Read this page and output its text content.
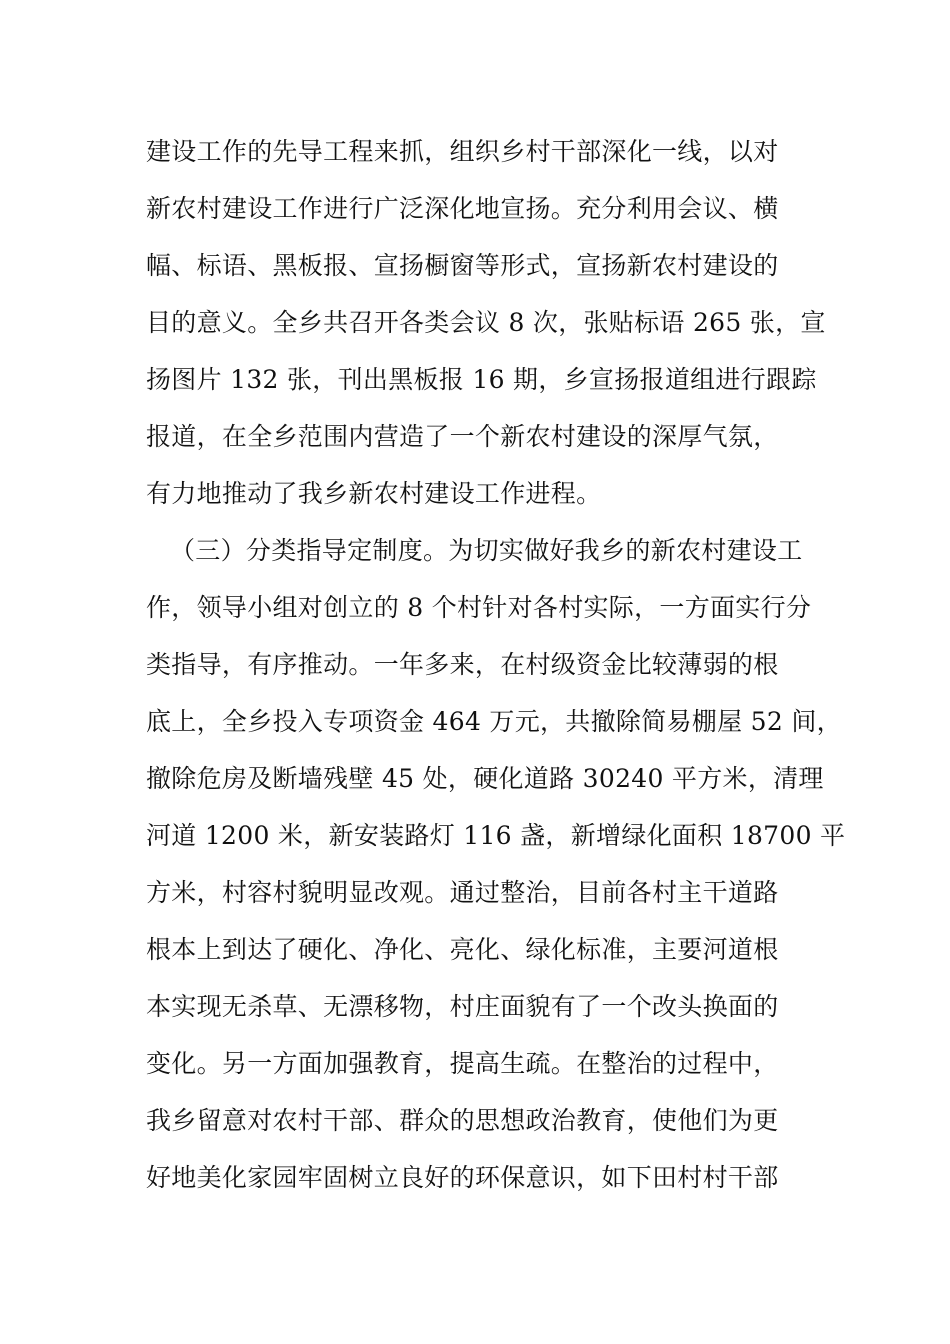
建设工作的先导工程来抓，组织乡村干部深化一线，以对
新农村建设工作进行广泛深化地宣扬。充分利用会议、横
幅、标语、黑板报、宣扬橱窗等形式，宣扬新农村建设的
目的意义。全乡共召开各类会议 8 次，张贴标语 265 张，宣
扬图片 132 张，刊出黑板报 16 期，乡宣扬报道组进行跟踪
报道，在全乡范围内营造了一个新农村建设的深厚气氛，
有力地推动了我乡新农村建设工作进程。
（三）分类指导定制度。为切实做好我乡的新农村建设工
作，领导小组对创立的 8 个村针对各村实际，一方面实行分
类指导，有序推动。一年多来，在村级资金比较薄弱的根
底上，全乡投入专项资金 464 万元，共撤除简易棚屋 52 间，
撤除危房及断墙残壁 45 处，硬化道路 30240 平方米，清理
河道 1200 米，新安装路灯 116 盏，新增绿化面积 18700 平
方米，村容村貌明显改观。通过整治，目前各村主干道路
根本上到达了硬化、净化、亮化、绿化标准，主要河道根
本实现无杀草、无漂移物，村庄面貌有了一个改头换面的
变化。另一方面加强教育，提高生疏。在整治的过程中，
我乡留意对农村干部、群众的思想政治教育，使他们为更
好地美化家园牢固树立良好的环保意识，如下田村村干部
